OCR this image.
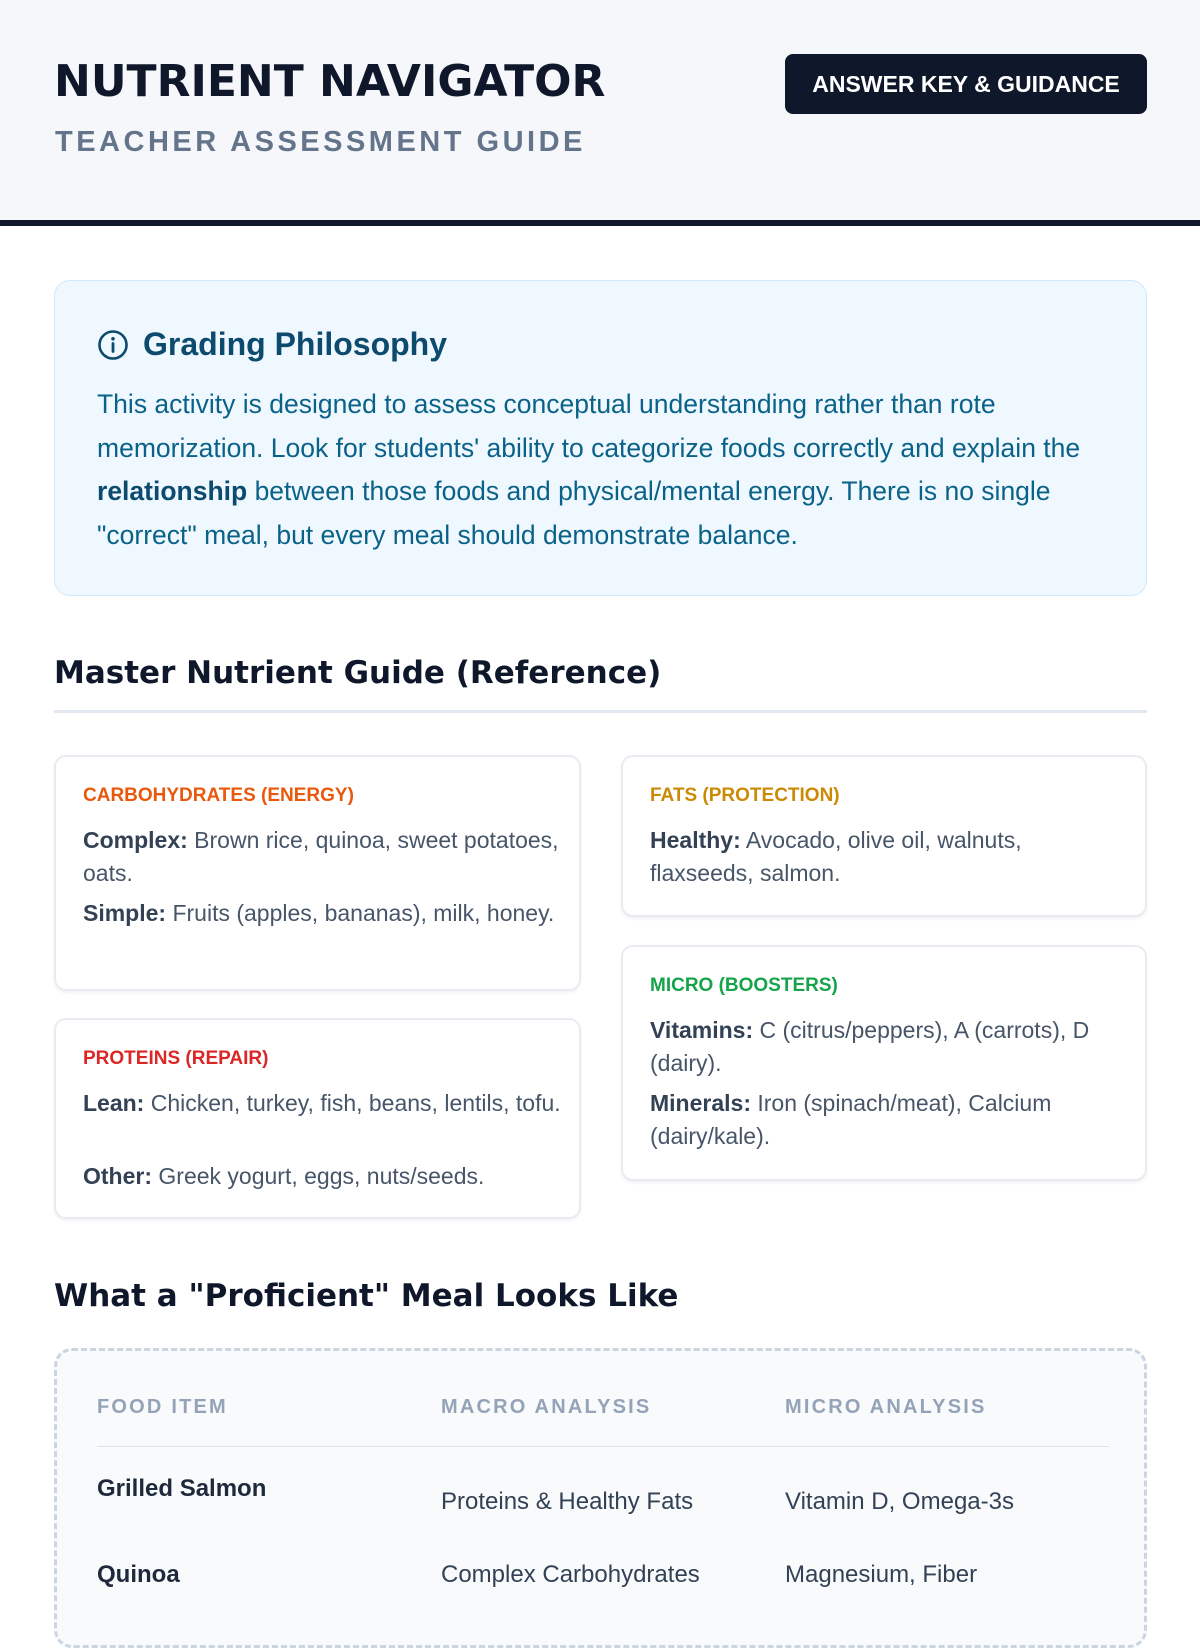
NUTRIENT NAVIGATOR
TEACHER ASSESSMENT GUIDE
ANSWER KEY & GUIDANCE
Grading Philosophy

This activity is designed to assess conceptual understanding rather than rote memorization. Look for students' ability to categorize foods correctly and explain the relationship between those foods and physical/mental energy. There is no single "correct" meal, but every meal should demonstrate balance.

Master Nutrient Guide (Reference)
CARBOHYDRATES (ENERGY)
Complex: Brown rice, quinoa, sweet potatoes, oats.
Simple: Fruits (apples, bananas), milk, honey.
FATS (PROTECTION)
Healthy: Avocado, olive oil, walnuts, flaxseeds, salmon.
PROTEINS (REPAIR)
Lean: Chicken, turkey, fish, beans, lentils, tofu.
Other: Greek yogurt, eggs, nuts/seeds.
MICRO (BOOSTERS)
Vitamins: C (citrus/peppers), A (carrots), D (dairy).
Minerals: Iron (spinach/meat), Calcium (dairy/kale).
What a "Proficient" Meal Looks Like
FOOD ITEM	MACRO ANALYSIS	MICRO ANALYSIS
Grilled Salmon	Proteins & Healthy Fats	Vitamin D, Omega-3s
Quinoa	Complex Carbohydrates	Magnesium, Fiber
